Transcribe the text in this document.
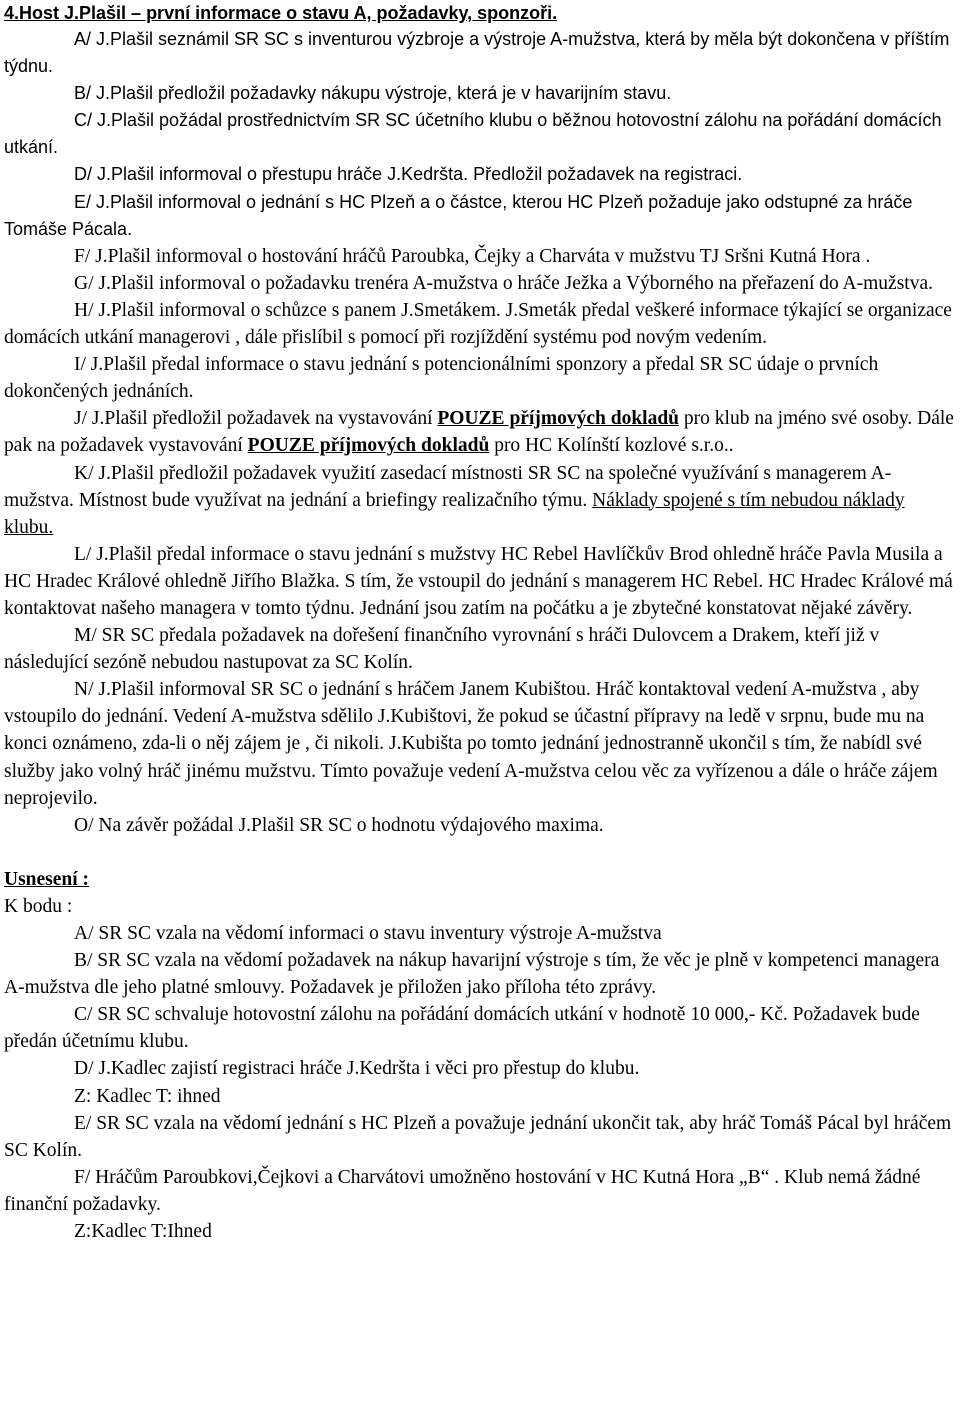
4.Host J.Plašil – první informace o stavu A, požadavky, sponzoři.

A/ J.Plašil seznámil SR SC s inventurou výzbroje a výstroje A-mužstva, která by měla být dokončena v příštím týdnu.

B/ J.Plašil předložil požadavky nákupu výstroje, která je v havarijním stavu.

C/ J.Plašil požádal prostřednictvím SR SC účetního klubu o běžnou hotovostní zálohu na pořádání domácích utkání.

D/ J.Plašil informoval o přestupu hráče J.Kedršta. Předložil požadavek na registraci.

E/ J.Plašil informoval o jednání s HC Plzeň a o částce, kterou HC Plzeň požaduje jako odstupné za hráče Tomáše Pácala.

F/ J.Plašil informoval o hostování hráčů Paroubka, Čejky a Charváta v mužstvu TJ Sršni Kutná Hora .

G/ J.Plašil informoval o požadavku trenéra A-mužstva o hráče Ježka a Výborného na přeřazení do A-mužstva.

H/ J.Plašil informoval o schůzce s panem J.Smetákem. J.Smeták předal veškeré informace týkající se organizace domácích utkání managerovi , dále přislíbil s pomocí při rozjíždění systému pod novým vedením.

I/ J.Plašil předal informace o stavu jednání s potencionálními sponzory a předal SR SC údaje o prvních dokončených jednáních.

J/ J.Plašil předložil požadavek na vystavování POUZE příjmových dokladů pro klub na jméno své osoby. Dále pak na požadavek vystavování POUZE příjmových dokladů pro HC Kolínští kozlové s.r.o..

K/ J.Plašil předložil požadavek využití zasedací místnosti SR SC na společné využívání s managerem A-mužstva. Místnost bude využívat na jednání a briefingy realizačního týmu. Náklady spojené s tím nebudou náklady klubu.

L/ J.Plašil předal informace o stavu jednání s mužstvy HC Rebel Havlíčkův Brod ohledně hráče Pavla Musila a HC Hradec Králové ohledně Jiřího Blažka. S tím, že vstoupil do jednání s managerem HC Rebel. HC Hradec Králové má kontaktovat našeho managera v tomto týdnu. Jednání jsou zatím na počátku a je zbytečné konstatovat nějaké závěry.

M/ SR SC předala požadavek na dořešení finančního vyrovnání s hráči Dulovcem a Drakem, kteří již v následující sezóně nebudou nastupovat za SC Kolín.

N/ J.Plašil informoval SR SC o jednání s hráčem Janem Kubištou. Hráč kontaktoval vedení A-mužstva , aby vstoupilo do jednání. Vedení A-mužstva sdělilo J.Kubištovi, že pokud se účastní přípravy na ledě v srpnu, bude mu na konci oznámeno, zda-li o něj zájem je , či nikoli. J.Kubišta po tomto jednání jednostranně ukončil s tím, že nabídl své služby jako volný hráč jinému mužstvu. Tímto považuje vedení A-mužstva celou věc za vyřízenou a dále o hráče zájem neprojevilo.

O/ Na závěr požádal J.Plašil SR SC o hodnotu výdajového maxima.

Usnesení :

K bodu :

A/ SR SC vzala na vědomí informaci o stavu inventury výstroje A-mužstva

B/ SR SC vzala na vědomí požadavek na nákup havarijní výstroje s tím, že věc je plně v kompetenci managera A-mužstva dle jeho platné smlouvy. Požadavek je přiložen jako příloha této zprávy.

C/ SR SC schvaluje hotovostní zálohu na pořádání domácích utkání v hodnotě 10 000,- Kč. Požadavek bude předán účetnímu klubu.

D/ J.Kadlec zajistí registraci hráče J.Kedršta i věci pro přestup do klubu.

Z: Kadlec T: ihned

E/ SR SC vzala na vědomí jednání s HC Plzeň a považuje jednání ukončit tak, aby hráč Tomáš Pácal byl hráčem SC Kolín.

F/ Hráčům Paroubkovi,Čejkovi a Charvátovi umožněno hostování v HC Kutná Hora „B“ . Klub nemá žádné finanční požadavky.

Z:Kadlec T:Ihned
